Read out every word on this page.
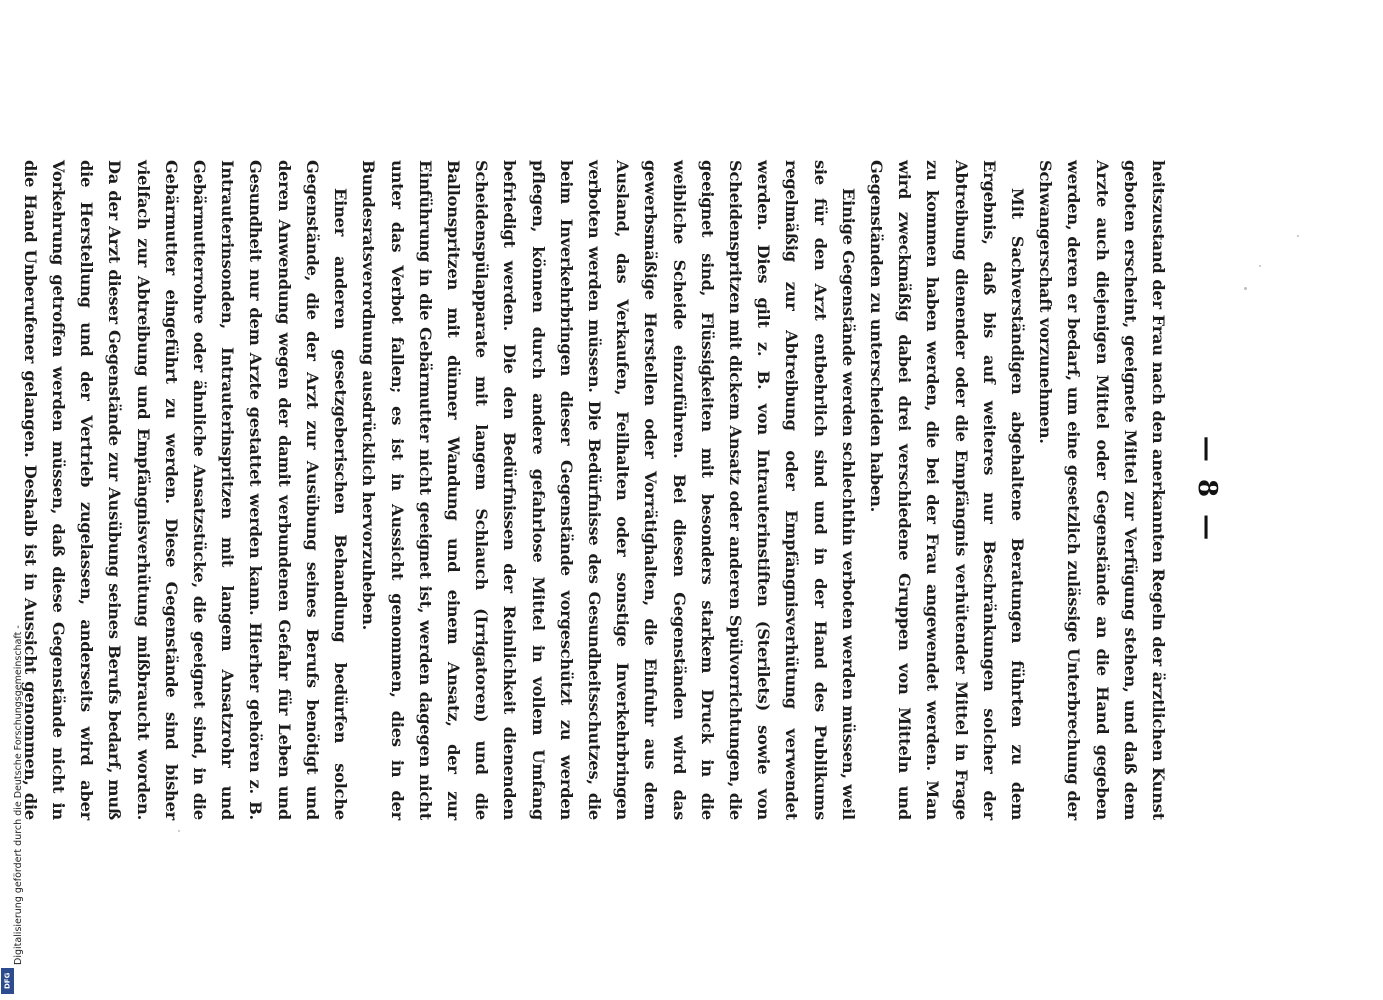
— 8 —

heitszustand der Frau nach den anerkannten Regeln der ärztlichen Kunst geboten erscheint, geeignete Mittel zur Verfügung stehen, und daß dem Arzte auch diejenigen Mittel oder Gegenstände an die Hand gegeben werden, deren er bedarf, um eine gesetzlich zulässige Unterbrechung der Schwangerschaft vorzunehmen.

Mit Sachverständigen abgehaltene Beratungen führten zu dem Ergebnis, daß bis auf weiteres nur Beschränkungen solcher der Abtreibung dienender oder die Empfängnis verhütender Mittel in Frage zu kommen haben werden, die bei der Frau angewendet werden. Man wird zweckmäßig dabei drei verschiedene Gruppen von Mitteln und Gegenständen zu unterscheiden haben.

Einige Gegenstände werden schlechthin verboten werden müssen, weil sie für den Arzt entbehrlich sind und in der Hand des Publikums regelmäßig zur Abtreibung oder Empfängnisverhütung verwendet werden. Dies gilt z. B. von Intrauterinstiften (Sterilets) sowie von Scheidenspritzen mit dickem Ansatz oder anderen Spülvorrichtungen, die geeignet sind, Flüssigkeiten mit besonders starkem Druck in die weibliche Scheide einzuführen. Bei diesen Gegenständen wird das gewerbsmäßige Herstellen oder Vorrätighalten, die Einfuhr aus dem Ausland, das Verkaufen, Feilhalten oder sonstige Inverkehrbringen verboten werden müssen. Die Bedürfnisse des Gesundheitsschutzes, die beim Inverkehrbringen dieser Gegenstände vorgeschützt zu werden pflegen, können durch andere gefahrlose Mittel in vollem Umfang befriedigt werden. Die den Bedürfnissen der Reinlichkeit dienenden Scheidenspülapparate mit langem Schlauch (Irrigatoren) und die Ballonspritzen mit dünner Wandung und einem Ansatz, der zur Einführung in die Gebärmutter nicht geeignet ist, werden dagegen nicht unter das Verbot fallen; es ist in Aussicht genommen, dies in der Bundesratsverordnung ausdrücklich hervorzuheben.

Einer anderen gesetzgeberischen Behandlung bedürfen solche Gegenstände, die der Arzt zur Ausübung seines Berufs benötigt und deren Anwendung wegen der damit verbundenen Gefahr für Leben und Gesundheit nur dem Arzte gestattet werden kann. Hierher gehören z. B. Intrauterinsonden, Intrauterinspritzen mit langem Ansatzrohr und Gebärmutterrohre oder ähnliche Ansatzstücke, die geeignet sind, in die Gebärmutter eingeführt zu werden. Diese Gegenstände sind bisher vielfach zur Abtreibung und Empfängnisverhütung mißbraucht worden. Da der Arzt dieser Gegenstände zur Ausübung seines Berufs bedarf, muß die Herstellung und der Vertrieb zugelassen, anderseits wird aber Vorkehrung getroffen werden müssen, daß diese Gegenstände nicht in die Hand Unberufener gelangen. Deshalb ist in Aussicht genommen, die

Digitalisierung gefördert durch die Deutsche Forschungsgemeinschaft -
DFG
